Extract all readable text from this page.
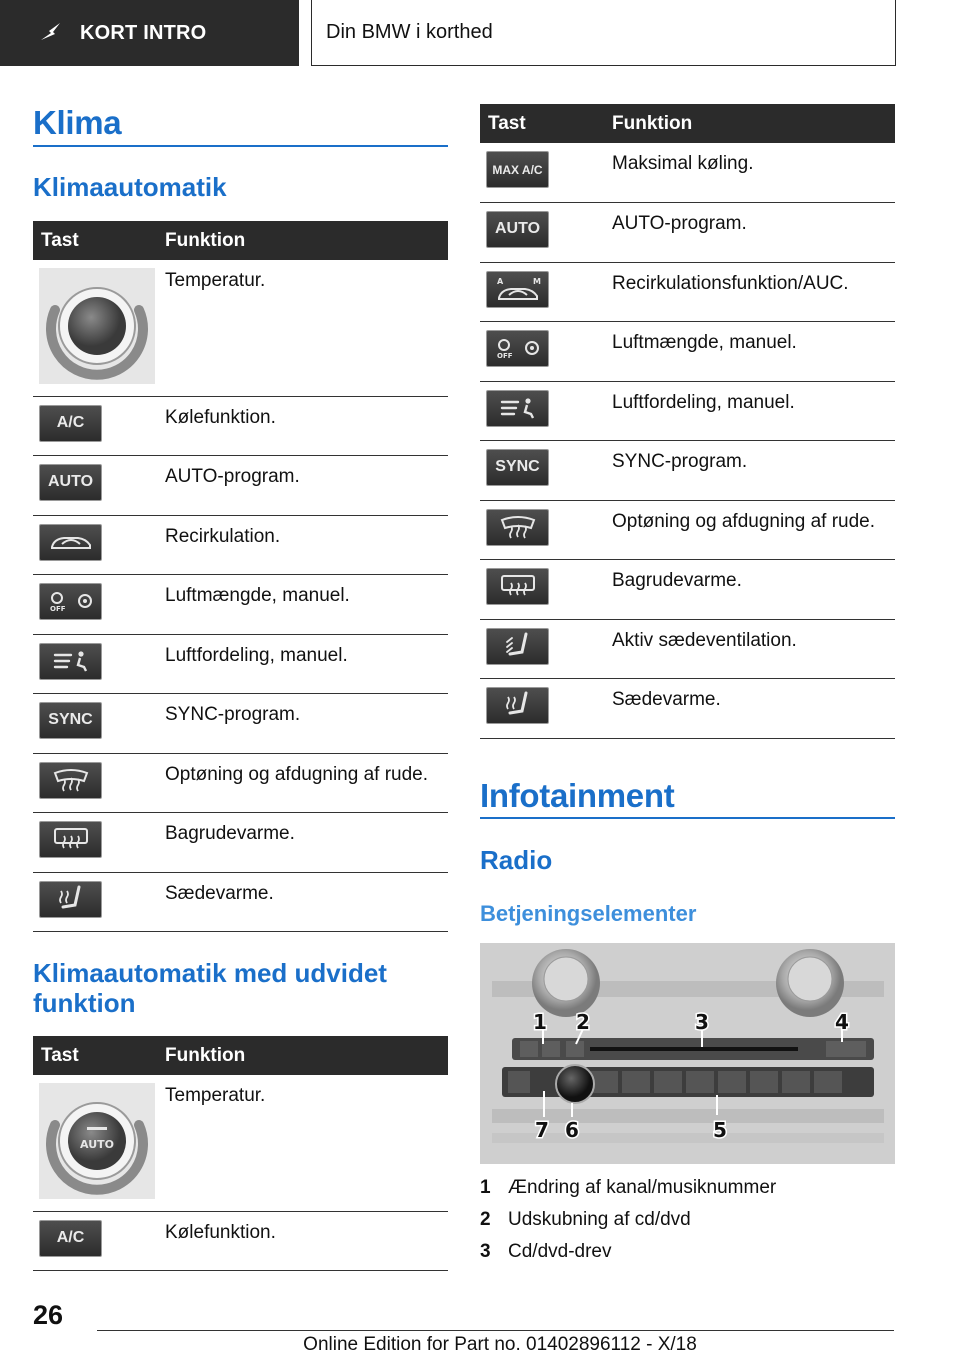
KORT INTRO	Din BMW i korthed
Klima
Klimaautomatik
Tast	Funktion

	Temperatur.

A/C	Kølefunktion.

AUTO	AUTO-program.

	Recirkulation.

OFF	Luftmængde, manuel.

	Luftfordeling, manuel.

SYNC	SYNC-program.

	Optøning og afdugning af rude.

	Bagrudevarme.

	Sædevarme.
Klimaautomatik med udvidet funktion
Tast	Funktion

AUTO	Temperatur.

A/C	Kølefunktion.
Tast	Funktion

MAX A/C	Maksimal køling.

AUTO	AUTO-program.

A M	Recirkulationsfunktion/AUC.

OFF	Luftmængde, manuel.

	Luftfordeling, manuel.

SYNC	SYNC-program.

	Optøning og afdugning af rude.

	Bagrudevarme.

	Aktiv sædeventilation.

	Sædevarme.
Infotainment
Radio
Betjeningselementer
1 2	3	4
5
6
7
1 Ændring af kanal/musiknummer
2 Udskubning af cd/dvd
3 Cd/dvd-drev
26
Online Edition for Part no. 01402896112 - X/18
